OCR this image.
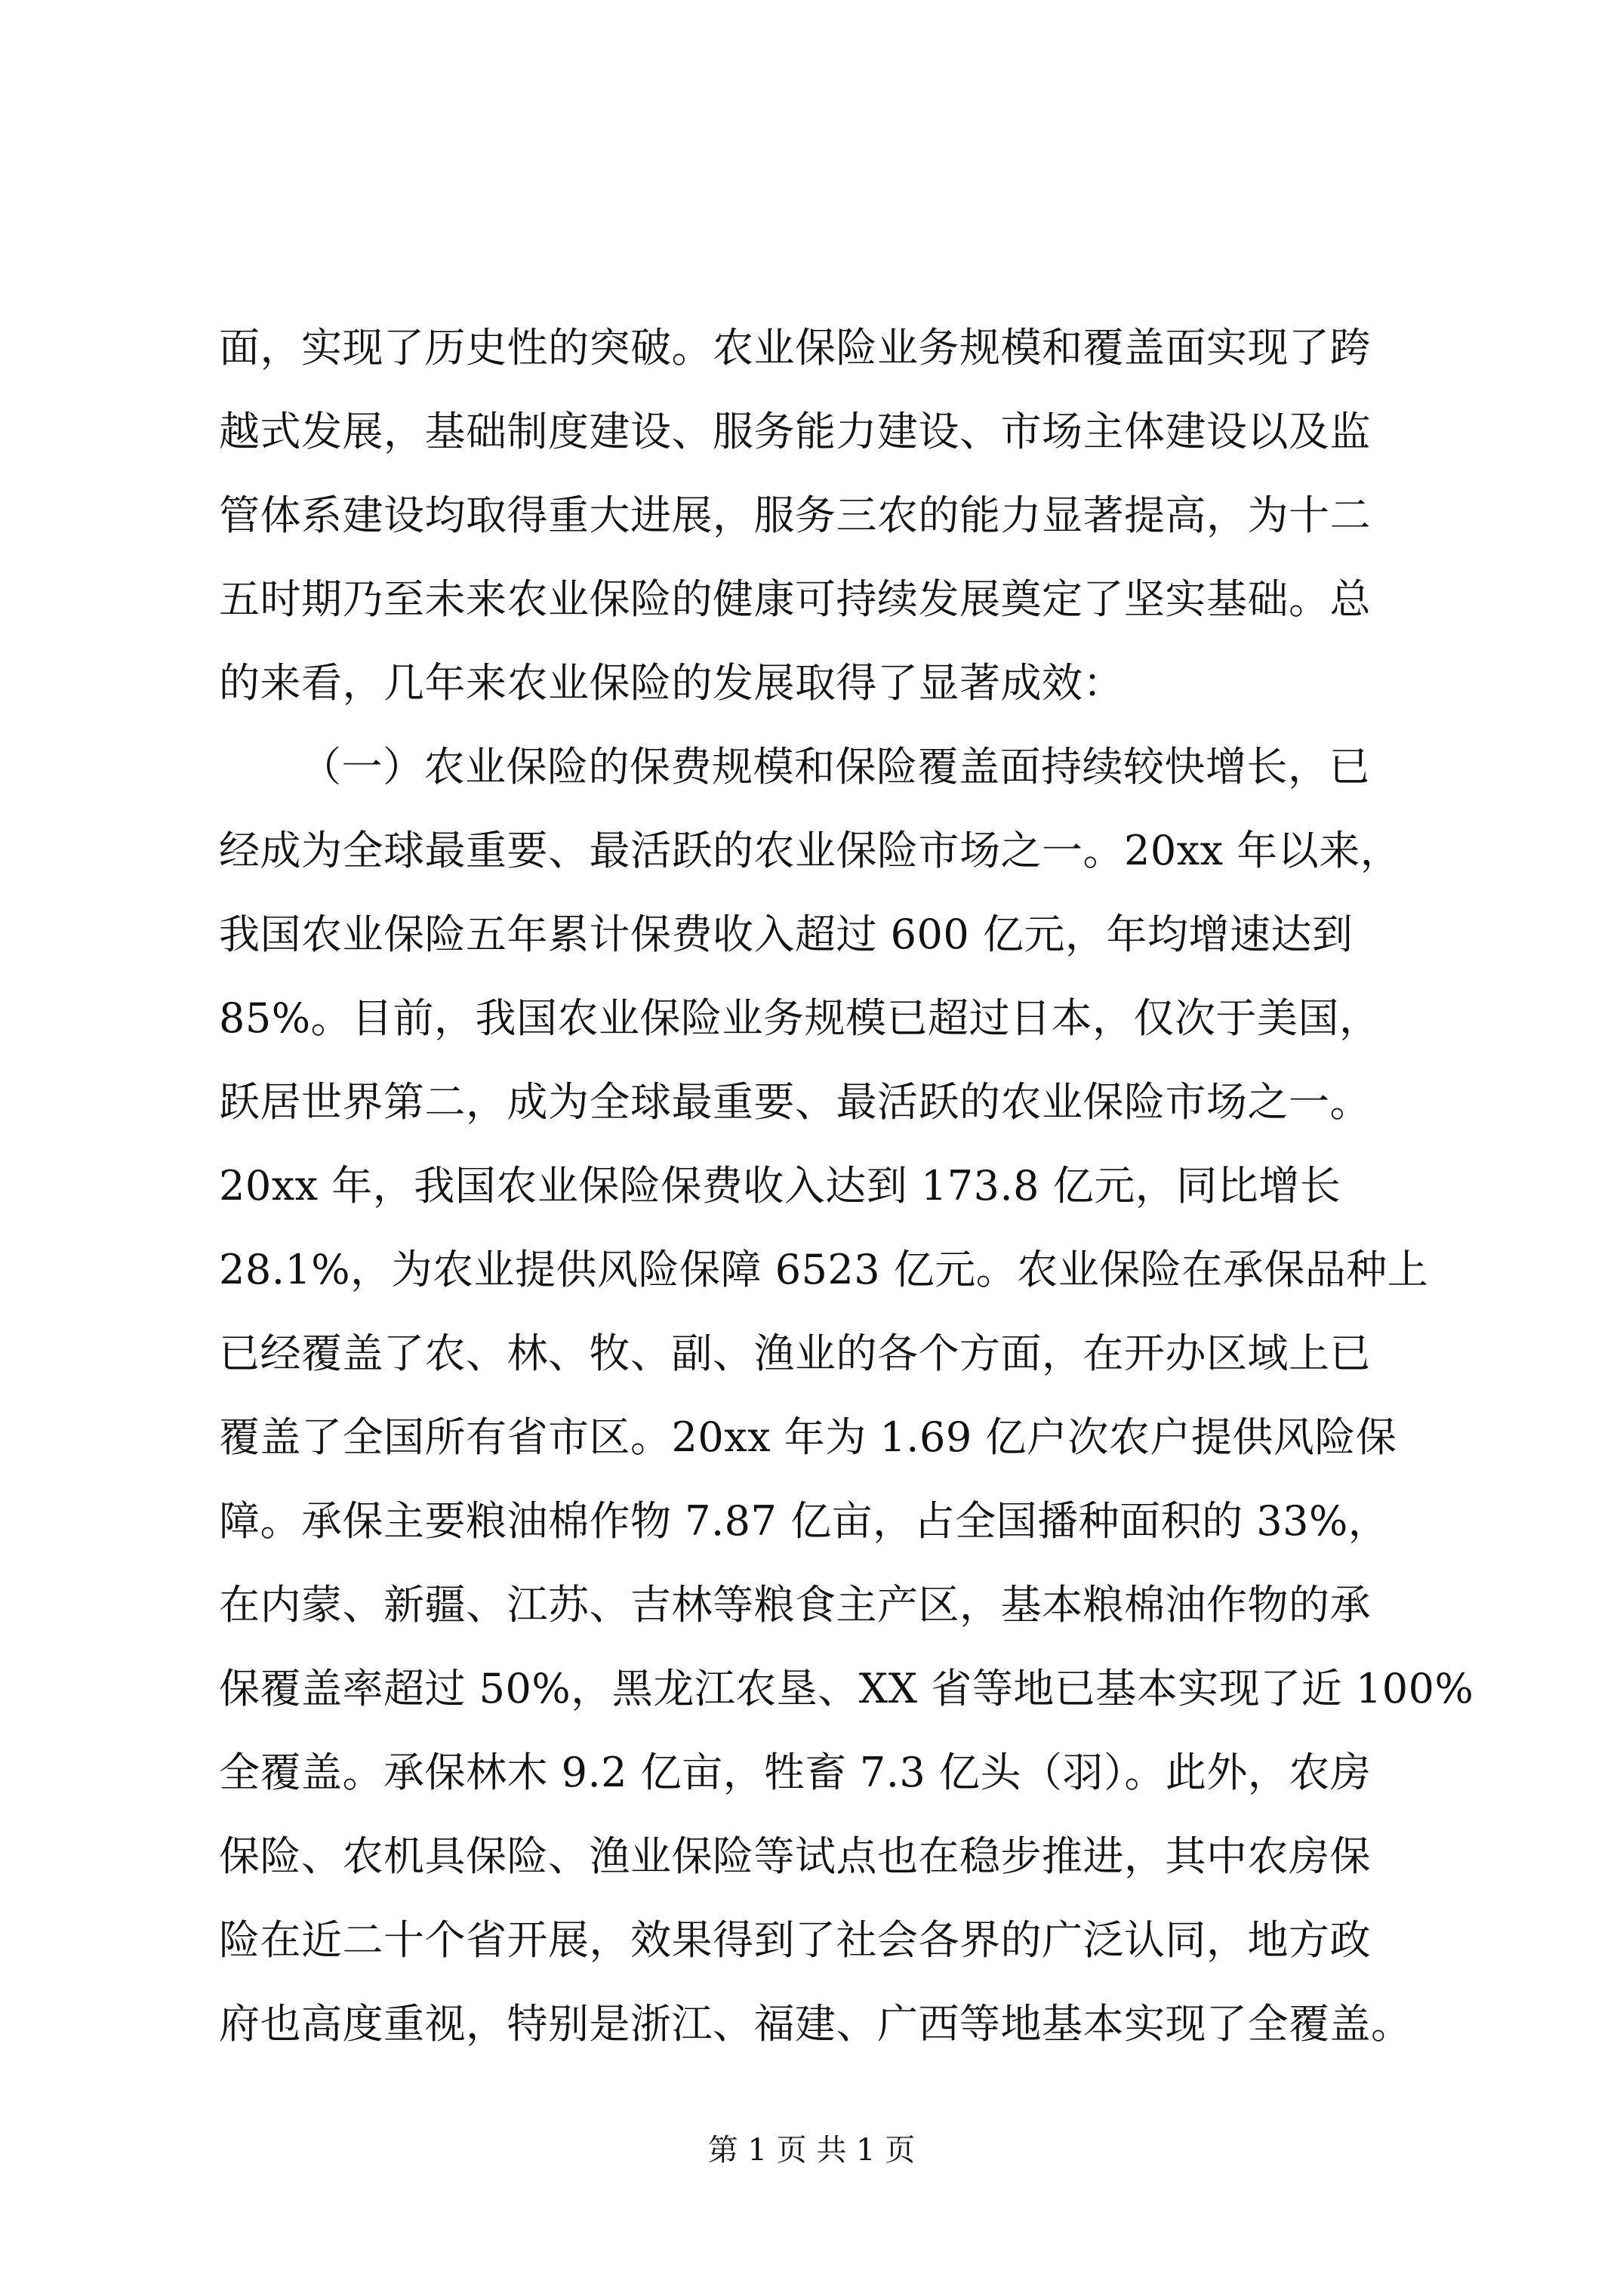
面，实现了历史性的突破。农业保险业务规模和覆盖面实现了跨
越式发展，基础制度建设、服务能力建设、市场主体建设以及监
管体系建设均取得重大进展，服务三农的能力显著提高，为十二
五时期乃至未来农业保险的健康可持续发展奠定了坚实基础。总
的来看，几年来农业保险的发展取得了显著成效：
（一）农业保险的保费规模和保险覆盖面持续较快增长，已
经成为全球最重要、最活跃的农业保险市场之一。20xx 年以来，
我国农业保险五年累计保费收入超过 600 亿元，年均增速达到
85%。目前，我国农业保险业务规模已超过日本，仅次于美国，
跃居世界第二，成为全球最重要、最活跃的农业保险市场之一。
20xx 年，我国农业保险保费收入达到 173.8 亿元，同比增长
28.1%，为农业提供风险保障 6523 亿元。农业保险在承保品种上
已经覆盖了农、林、牧、副、渔业的各个方面，在开办区域上已
覆盖了全国所有省市区。20xx 年为 1.69 亿户次农户提供风险保
障。承保主要粮油棉作物 7.87 亿亩，占全国播种面积的 33%，
在内蒙、新疆、江苏、吉林等粮食主产区，基本粮棉油作物的承
保覆盖率超过 50%，黑龙江农垦、XX 省等地已基本实现了近 100%
全覆盖。承保林木 9.2 亿亩，牲畜 7.3 亿头（羽）。此外，农房
保险、农机具保险、渔业保险等试点也在稳步推进，其中农房保
险在近二十个省开展，效果得到了社会各界的广泛认同，地方政
府也高度重视，特别是浙江、福建、广西等地基本实现了全覆盖。
第 1 页 共 1 页
